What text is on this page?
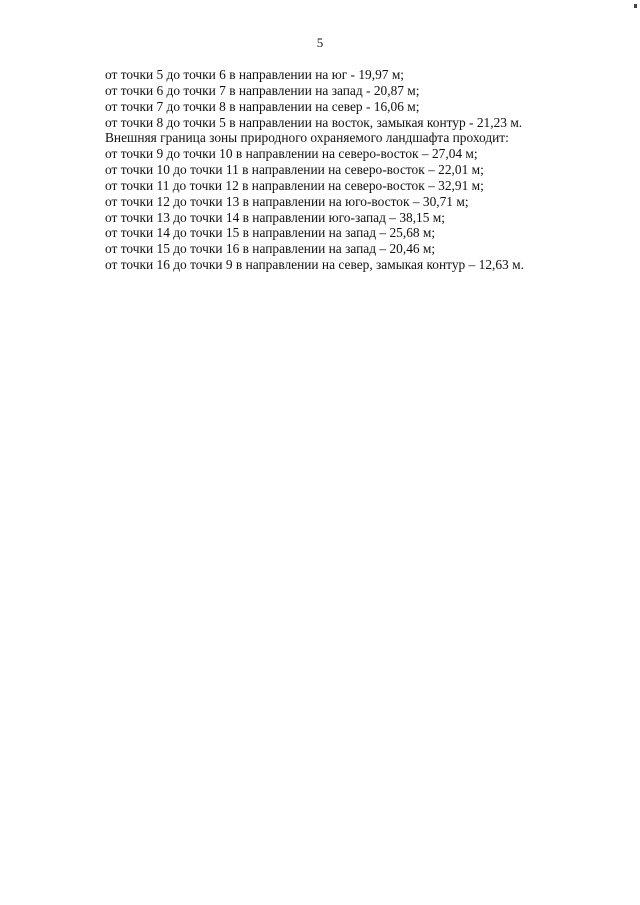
5
от точки 5 до точки 6 в направлении на юг - 19,97 м;
от точки 6 до точки 7 в направлении на запад - 20,87 м;
от точки 7 до точки 8 в направлении на север - 16,06 м;
от точки 8 до точки 5 в направлении на восток, замыкая контур - 21,23 м.
Внешняя граница зоны природного охраняемого ландшафта проходит:
от точки 9 до точки 10 в направлении на северо-восток – 27,04 м;
от точки 10 до точки 11 в направлении на северо-восток – 22,01 м;
от точки 11 до точки 12 в направлении на северо-восток – 32,91 м;
от точки 12 до точки 13 в направлении на юго-восток – 30,71 м;
от точки 13 до точки 14 в направлении юго-запад – 38,15 м;
от точки 14 до точки 15 в направлении на запад – 25,68 м;
от точки 15 до точки 16 в направлении на запад – 20,46 м;
от точки 16 до точки 9 в направлении на север, замыкая контур – 12,63 м.
